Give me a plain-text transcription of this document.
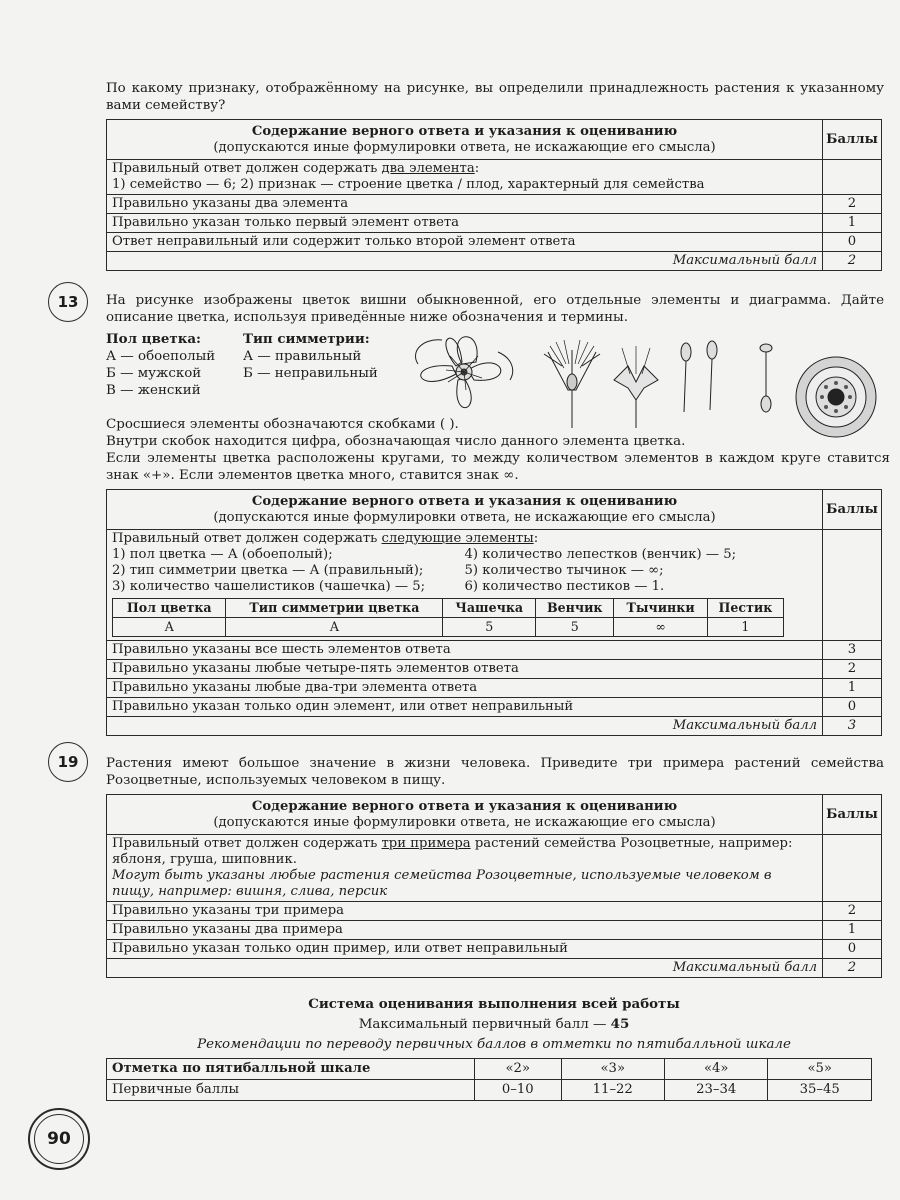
По какому признаку, отображённому на рисунке, вы определили принадлежность растения к указанному вами семейству?
Содержание верного ответа и указания к оцениванию
(допускаются иные формулировки ответа, не искажающие его смысла)	Баллы
Правильный ответ должен содержать два элемента:
1) семейство — 6; 2) признак — строение цветка / плод, характерный для семейства	
Правильно указаны два элемента	2
Правильно указан только первый элемент ответа	1
Ответ неправильный или содержит только второй элемент ответа	0
Максимальный балл	2
13	На рисунке изображены цветок вишни обыкновенной, его отдельные элементы и диаграмма. Дайте описание цветка, используя приведённые ниже обозначения и термины.
Пол цветка:
А — обоеполый
Б — мужской
В — женский
Тип симметрии:
А — правильный
Б — неправильный
Сросшиеся элементы обозначаются скобками ( ).
Внутри скобок находится цифра, обозначающая число данного элемента цветка.
Если элементы цветка расположены кругами, то между количеством элементов в каждом круге ставится знак «+». Если элементов цветка много, ставится знак ∞.
Содержание верного ответа и указания к оцениванию
(допускаются иные формулировки ответа, не искажающие его смысла)
	Баллы
Правильный ответ должен содержать следующие элементы:
1) пол цветка — А (обоеполый);
2) тип симметрии цветка — А (правильный);
3) количество чашелистиков (чашечка) — 5;
4) количество лепестков (венчик) — 5;
5) количество тычинок — ∞;
6) количество пестиков — 1.
Пол цветка	Тип симметрии цветка	Чашечка	Венчик	Тычинки	Пестик
А	А	5	5	∞	1

Правильно указаны все шесть элементов ответа	3
Правильно указаны любые четыре-пять элементов ответа	2
Правильно указаны любые два-три элемента ответа	1
Правильно указан только один элемент, или ответ неправильный	0
Максимальный балл	3
19	Растения имеют большое значение в жизни человека. Приведите три примера растений семейства Розоцветные, используемых человеком в пищу.
Содержание верного ответа и указания к оцениванию
(допускаются иные формулировки ответа, не искажающие его смысла)	Баллы
Правильный ответ должен содержать три примера растений семейства Розоцветные, например: яблоня, груша, шиповник.
Могут быть указаны любые растения семейства Розоцветные, используемые человеком в пищу, например: вишня, слива, персик	

Правильно указаны три примера	2
Правильно указаны два примера	1
Правильно указан только один пример, или ответ неправильный	0
Максимальный балл	2
Система оценивания выполнения всей работы
Максимальный первичный балл — 45
Рекомендации по переводу первичных баллов в отметки по пятибалльной шкале
Отметка по пятибалльной шкале	«2»	«3»	«4»	«5»
Первичные баллы	0–10	11–22	23–34	35–45
90
